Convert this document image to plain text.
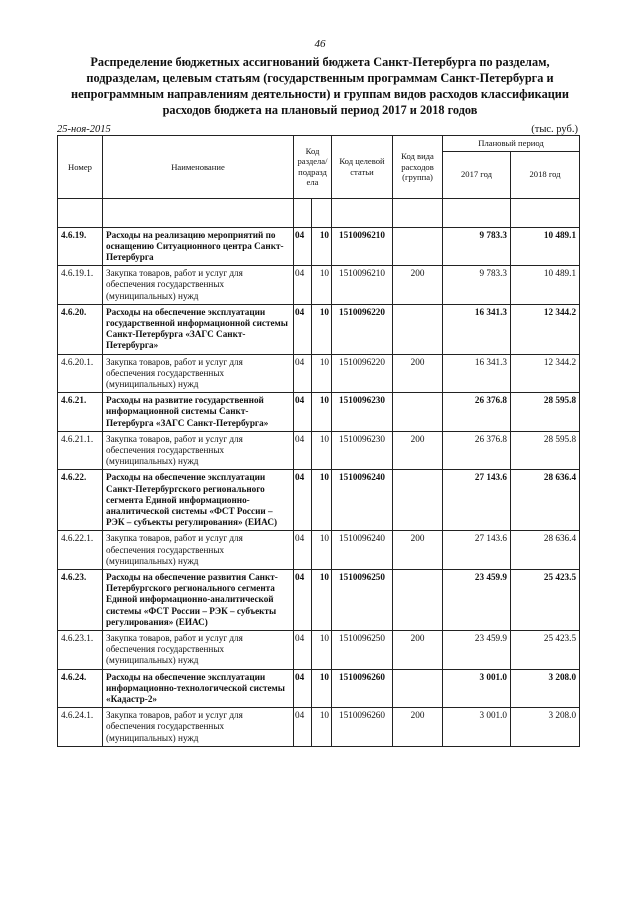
46
Распределение бюджетных ассигнований бюджета Санкт-Петербурга по разделам, подразделам, целевым статьям (государственным программам Санкт-Петербурга и непрограммным направлениям деятельности) и группам видов расходов классификации расходов бюджета на плановый период 2017 и 2018 годов
25-ноя-2015	(тыс. руб.)
Номер	Наименование	Код раздела/ подразд ела		Код целевой статьи	Код вида расходов (группа)	Плановый период	
						2017 год	2018 год

4.6.19.	Расходы на реализацию мероприятий по оснащению Ситуационного центра Санкт-Петербурга	04	10	1510096210		9 783.3	10 489.1
4.6.19.1.	Закупка товаров, работ и услуг для обеспечения государственных (муниципальных) нужд	04	10	1510096210	200	9 783.3	10 489.1
4.6.20.	Расходы на обеспечение эксплуатации государственной информационной системы Санкт-Петербурга «ЗАГС Санкт-Петербурга»	04	10	1510096220		16 341.3	12 344.2
4.6.20.1.	Закупка товаров, работ и услуг для обеспечения государственных (муниципальных) нужд	04	10	1510096220	200	16 341.3	12 344.2
4.6.21.	Расходы на развитие государственной информационной системы Санкт-Петербурга «ЗАГС Санкт-Петербурга»	04	10	1510096230		26 376.8	28 595.8
4.6.21.1.	Закупка товаров, работ и услуг для обеспечения государственных (муниципальных) нужд	04	10	1510096230	200	26 376.8	28 595.8
4.6.22.	Расходы на обеспечение эксплуатации Санкт-Петербургского регионального сегмента Единой информационно-аналитической системы «ФСТ России – РЭК – субъекты регулирования» (ЕИАС)	04	10	1510096240		27 143.6	28 636.4
4.6.22.1.	Закупка товаров, работ и услуг для обеспечения государственных (муниципальных) нужд	04	10	1510096240	200	27 143.6	28 636.4
4.6.23.	Расходы на обеспечение развития Санкт-Петербургского регионального сегмента Единой информационно-аналитической системы «ФСТ России – РЭК – субъекты регулирования» (ЕИАС)	04	10	1510096250		23 459.9	25 423.5
4.6.23.1.	Закупка товаров, работ и услуг для обеспечения государственных (муниципальных) нужд	04	10	1510096250	200	23 459.9	25 423.5
4.6.24.	Расходы на обеспечение эксплуатации информационно-технологической системы «Кадастр-2»	04	10	1510096260		3 001.0	3 208.0
4.6.24.1.	Закупка товаров, работ и услуг для обеспечения государственных (муниципальных) нужд	04	10	1510096260	200	3 001.0	3 208.0
